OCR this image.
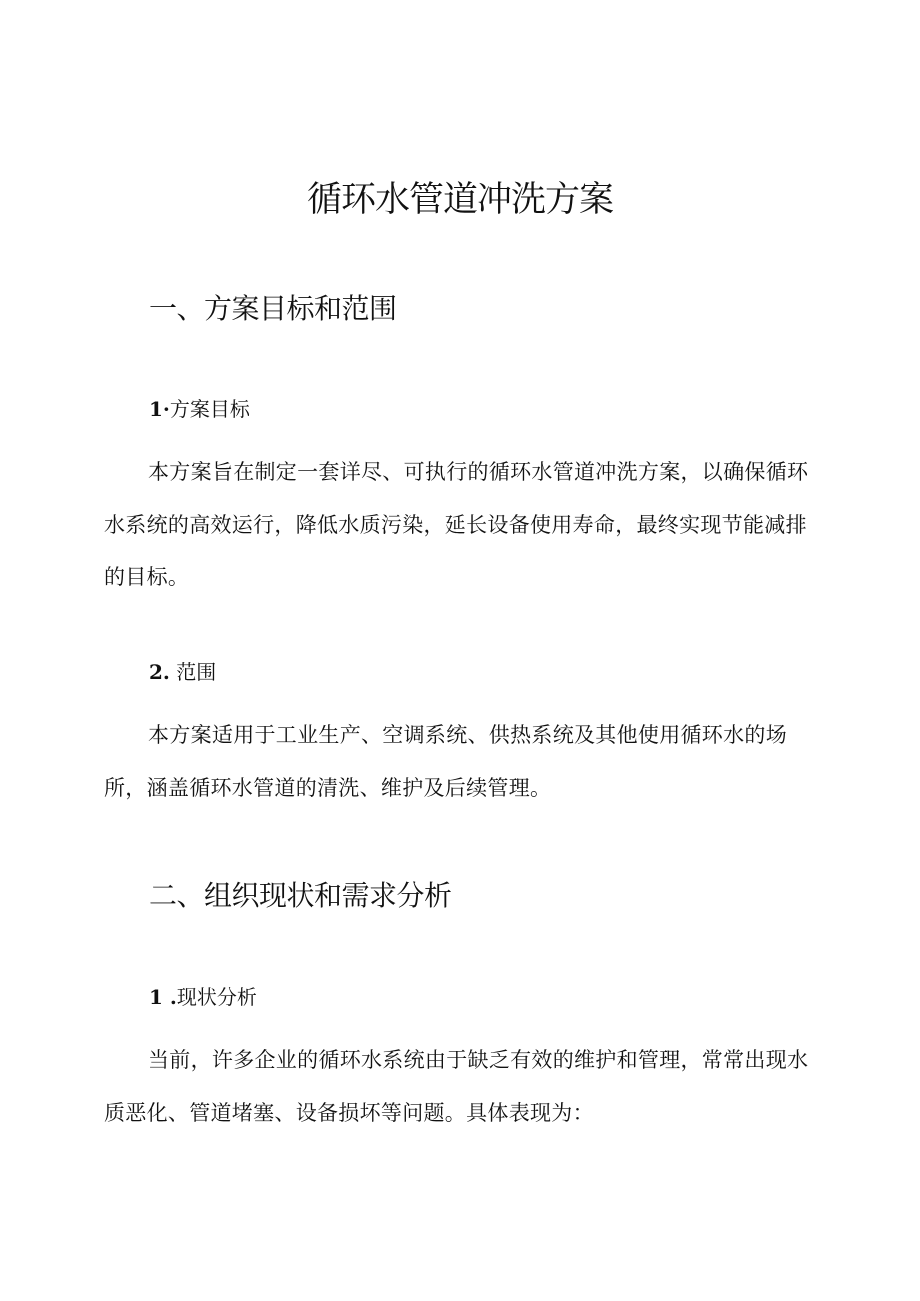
循环水管道冲洗方案
一、方案目标和范围
1·方案目标

本方案旨在制定一套详尽、可执行的循环水管道冲洗方案，以确保循环水系统的高效运行，降低水质污染，延长设备使用寿命，最终实现节能减排的目标。

2. 范围

本方案适用于工业生产、空调系统、供热系统及其他使用循环水的场所，涵盖循环水管道的清洗、维护及后续管理。

二、组织现状和需求分析
1 .现状分析

当前，许多企业的循环水系统由于缺乏有效的维护和管理，常常出现水质恶化、管道堵塞、设备损坏等问题。具体表现为：
